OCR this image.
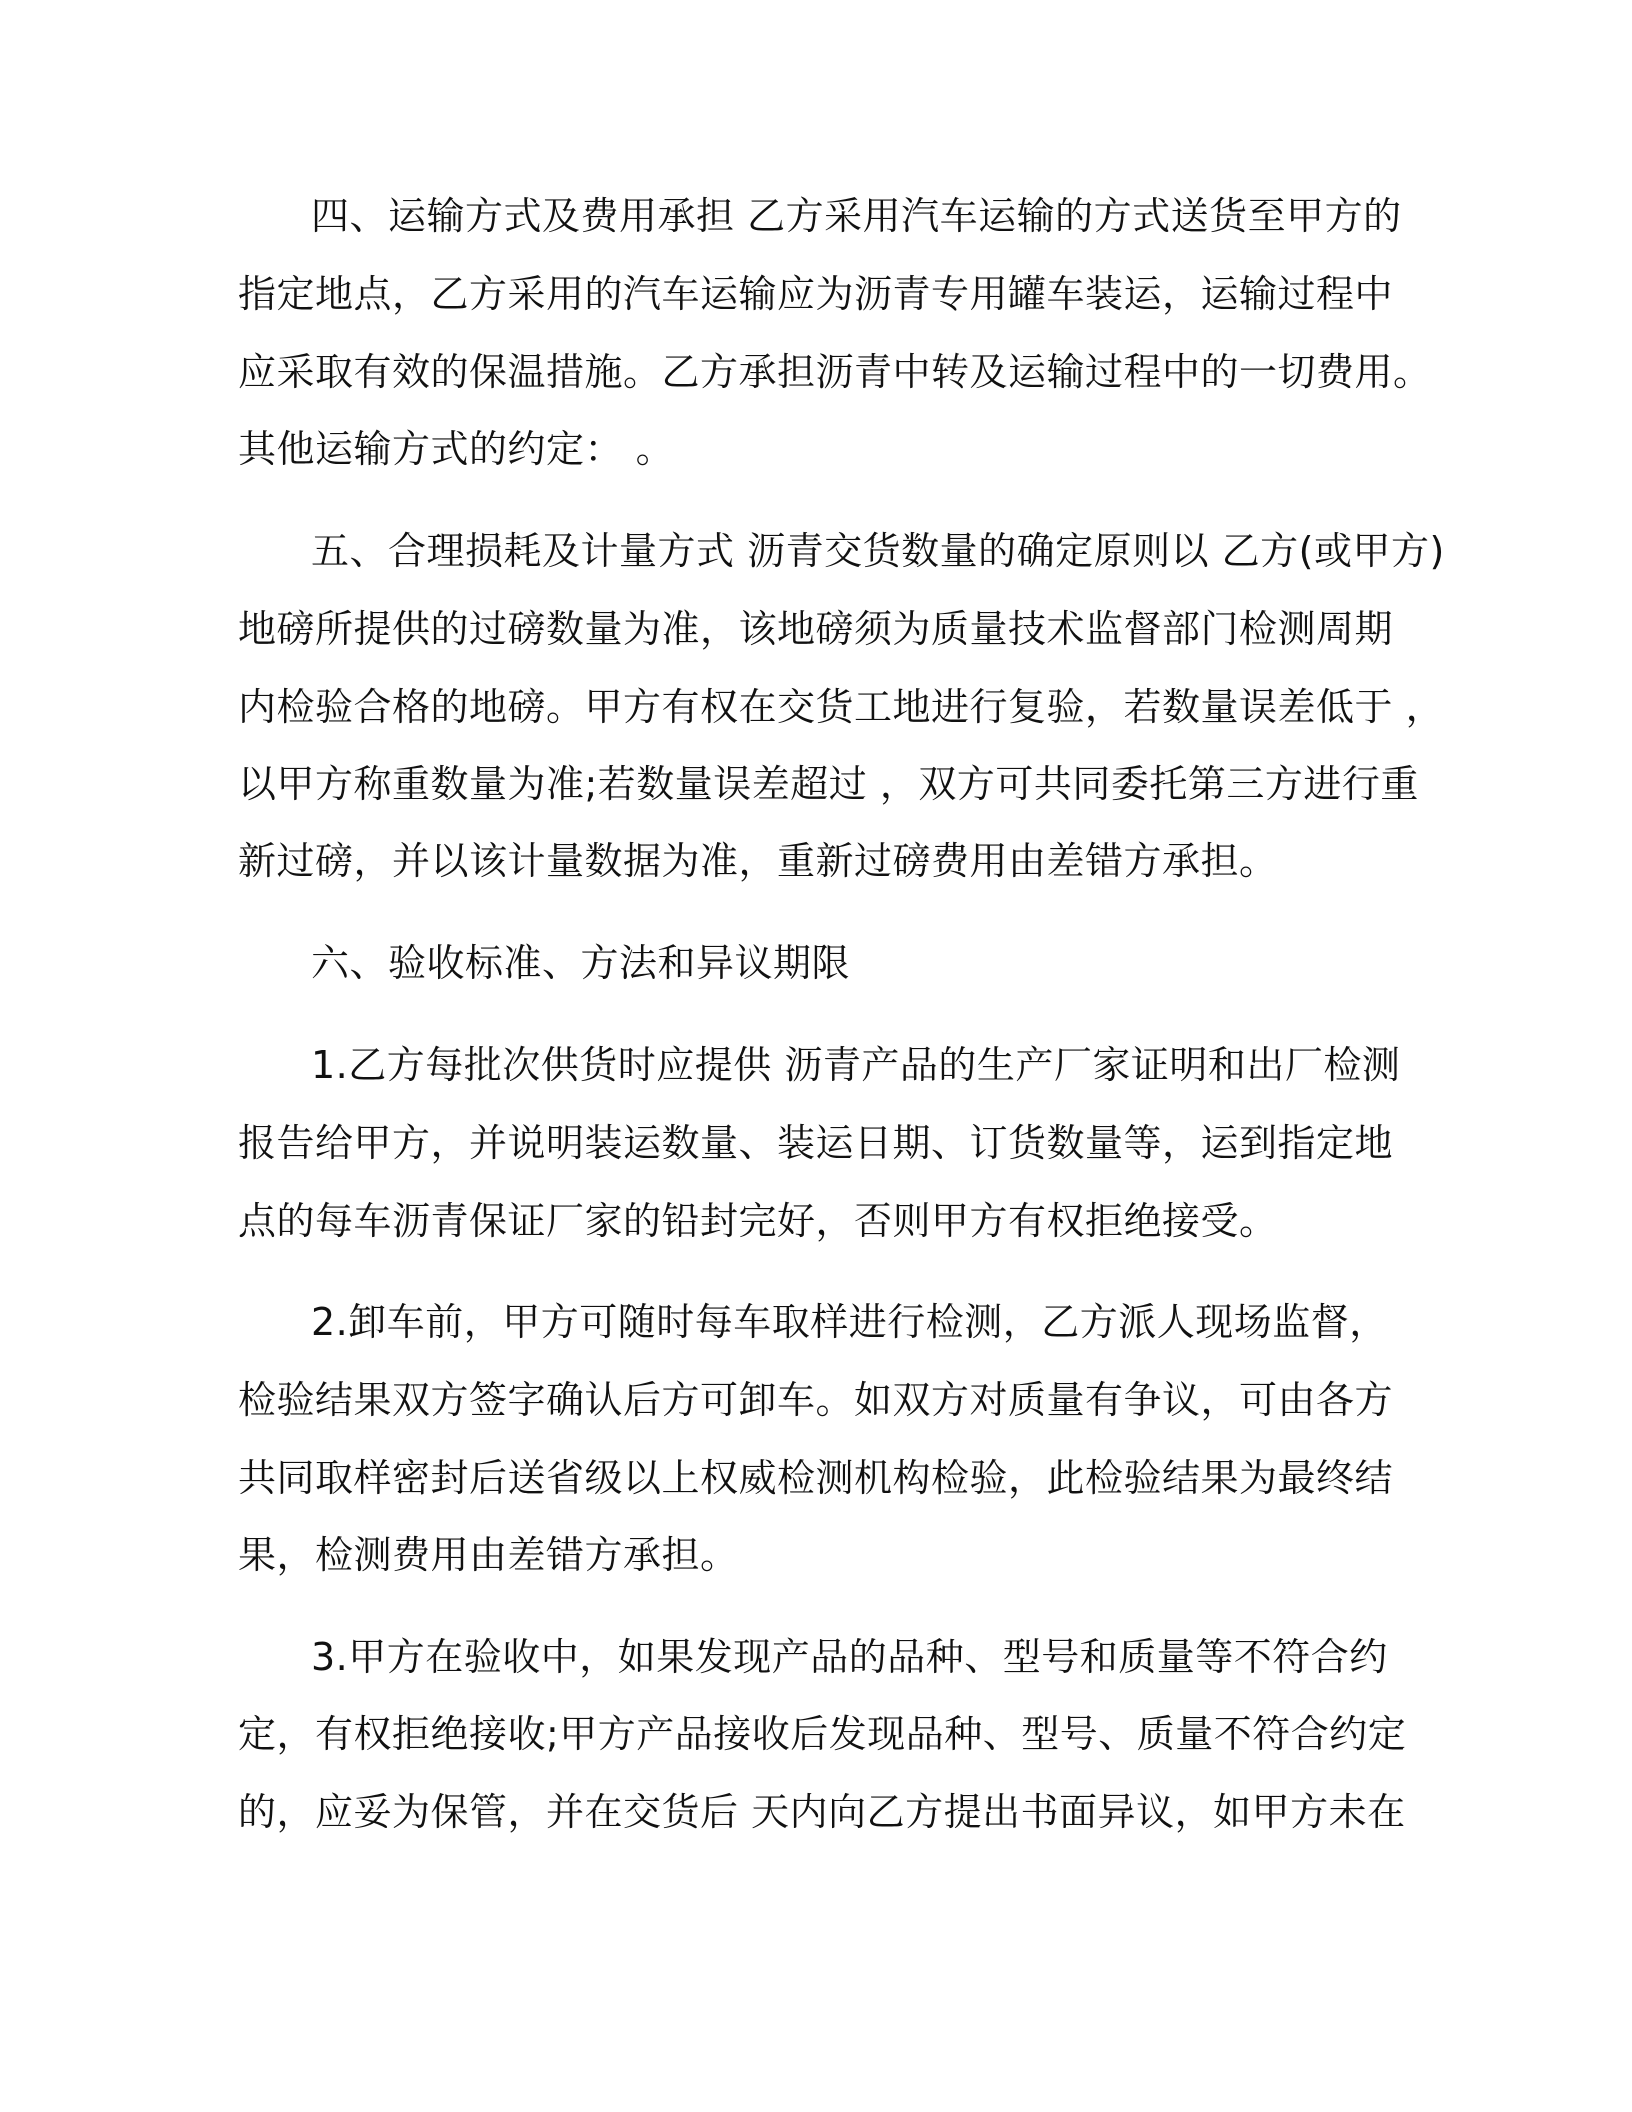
四、运输方式及费用承担 乙方采用汽车运输的方式送货至甲方的

指定地点，乙方采用的汽车运输应为沥青专用罐车装运，运输过程中

应采取有效的保温措施。乙方承担沥青中转及运输过程中的一切费用。

其他运输方式的约定： 。

五、合理损耗及计量方式 沥青交货数量的确定原则以 乙方(或甲方)

地磅所提供的过磅数量为准，该地磅须为质量技术监督部门检测周期

内检验合格的地磅。甲方有权在交货工地进行复验，若数量误差低于 ，

以甲方称重数量为准;若数量误差超过 ，双方可共同委托第三方进行重

新过磅，并以该计量数据为准，重新过磅费用由差错方承担。

六、验收标准、方法和异议期限

1.乙方每批次供货时应提供 沥青产品的生产厂家证明和出厂检测

报告给甲方，并说明装运数量、装运日期、订货数量等，运到指定地

点的每车沥青保证厂家的铅封完好，否则甲方有权拒绝接受。

2.卸车前，甲方可随时每车取样进行检测，乙方派人现场监督，

检验结果双方签字确认后方可卸车。如双方对质量有争议，可由各方

共同取样密封后送省级以上权威检测机构检验，此检验结果为最终结

果，检测费用由差错方承担。

3.甲方在验收中，如果发现产品的品种、型号和质量等不符合约

定，有权拒绝接收;甲方产品接收后发现品种、型号、质量不符合约定

的，应妥为保管，并在交货后 天内向乙方提出书面异议，如甲方未在
